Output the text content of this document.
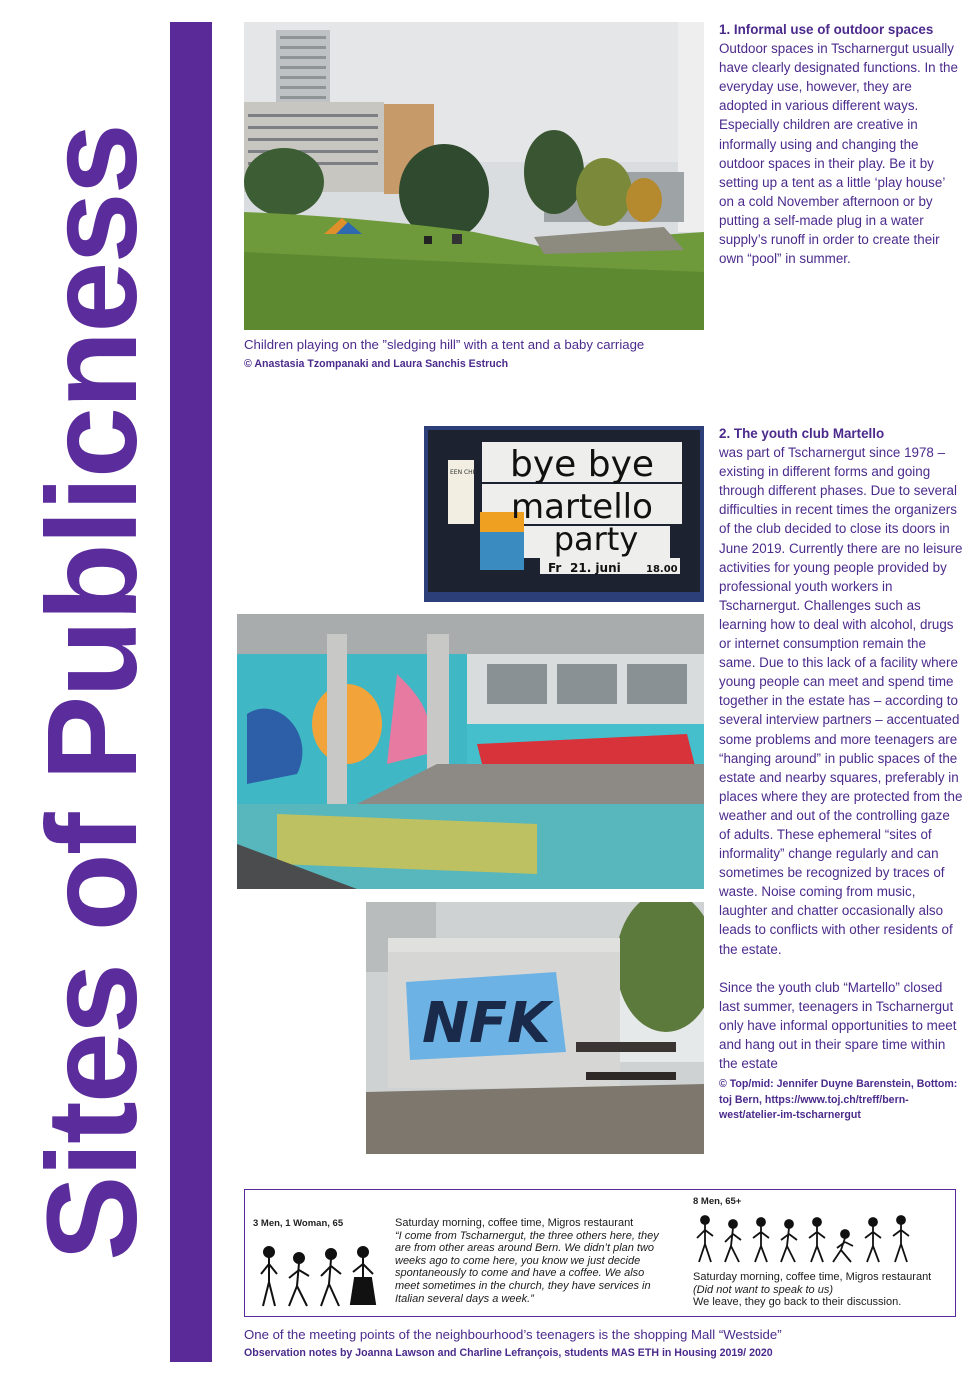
Sites of Publicness
1. Informal use of outdoor spaces

Outdoor spaces in Tscharnergut usually have clearly designated functions. In the everyday use, however, they are adopted in various different ways. Especially children are creative in informally using and changing the outdoor spaces in their play. Be it by setting up a tent as a little ‘play house’ on a cold November afternoon or by putting a self-made plug in a water supply’s runoff in order to create their own “pool” in summer.

Children playing on the ”sledging hill” with a tent and a baby carriage
© Anastasia Tzompanaki and Laura Sanchis Estruch
bye bye
martello
party
Fr 21. juni	18.00
EEN CHE
NFK
2. The youth club Martello

was part of Tscharnergut since 1978 – existing in different forms and going through different phases. Due to several difficulties in recent times the organizers of the club decided to close its doors in June 2019. Currently there are no leisure activities for young people provided by professional youth workers in Tscharnergut. Challenges such as learning how to deal with alcohol, drugs or internet consumption remain the same. Due to this lack of a facility where young people can meet and spend time together in the estate has – according to several interview partners – accentuated some problems and more teenagers are “hanging around” in public spaces of the estate and nearby squares, preferably in places where they are protected from the weather and out of the controlling gaze of adults. These ephemeral “sites of informality” change regularly and can sometimes be recognized by traces of waste. Noise coming from music, laughter and chatter occasionally also leads to conflicts with other residents of the estate.

Since the youth club “Martello” closed last summer, teenagers in Tscharnergut only have informal opportunities to meet and hang out in their spare time within the estate

© Top/mid: Jennifer Duyne Barenstein, Bottom: toj Bern, https://www.toj.ch/treff/bern-west/atelier-im-tscharnergut

3 Men, 1 Woman, 65	Saturday morning, coffee time, Migros restaurant
“I come from Tscharnergut, the three others here, they are from other areas around Bern. We didn’t plan two weeks ago to come here, you know we just decide spontaneously to come and have a coffee. We also meet sometimes in the church, they have services in Italian several days a week.”
8 Men, 65+
Saturday morning, coffee time, Migros restaurant
(Did not want to speak to us)
We leave, they go back to their discussion.
One of the meeting points of the neighbourhood’s teenagers is the shopping Mall “Westside”
Observation notes by Joanna Lawson and Charline Lefrançois, students MAS ETH in Housing 2019/ 2020
